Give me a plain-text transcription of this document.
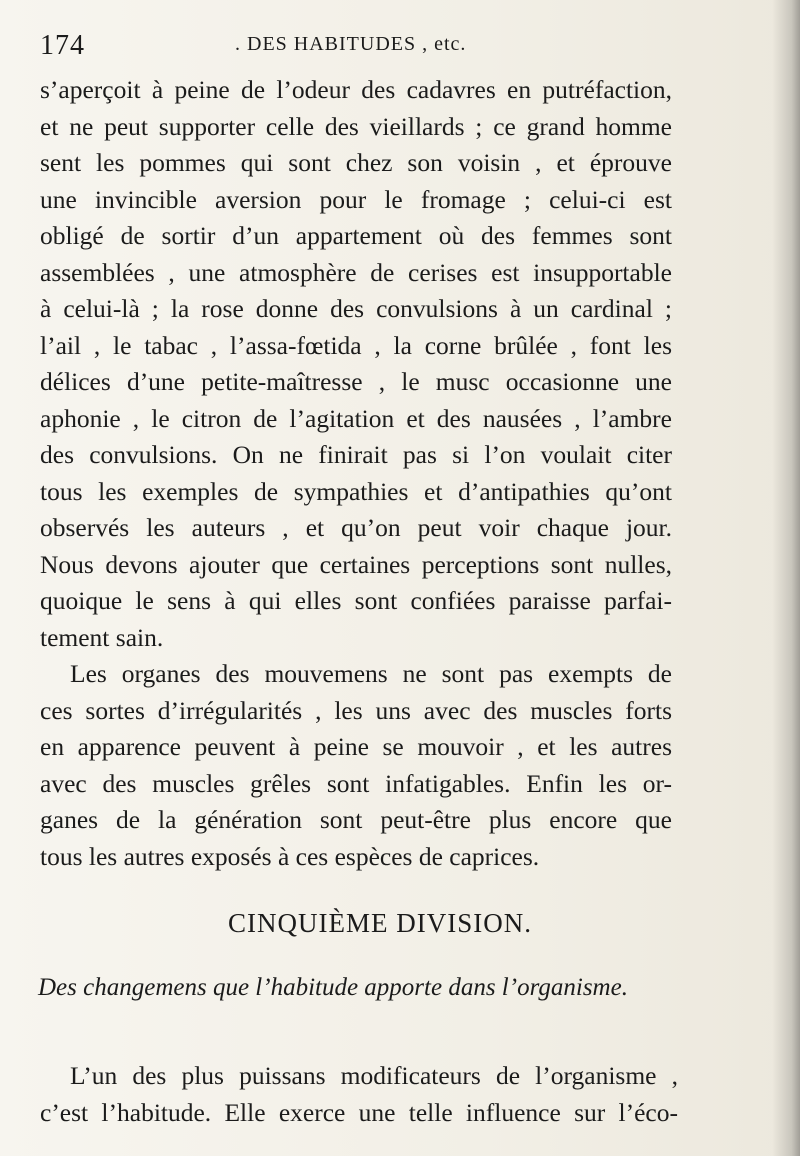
174	. DES HABITUDES , etc.
s’aperçoit à peine de l’odeur des cadavres en putréfaction,
et ne peut supporter celle des vieillards ; ce grand homme
sent les pommes qui sont chez son voisin , et éprouve
une invincible aversion pour le fromage ; celui-ci est
obligé de sortir d’un appartement où des femmes sont
assemblées , une atmosphère de cerises est insupportable
à celui-là ; la rose donne des convulsions à un cardinal ;
l’ail , le tabac , l’assa-fœtida , la corne brûlée , font les
délices d’une petite-maîtresse , le musc occasionne une
aphonie , le citron de l’agitation et des nausées , l’ambre
des convulsions. On ne finirait pas si l’on voulait citer
tous les exemples de sympathies et d’antipathies qu’ont
observés les auteurs , et qu’on peut voir chaque jour.
Nous devons ajouter que certaines perceptions sont nulles,
quoique le sens à qui elles sont confiées paraisse parfai-
tement sain.
Les organes des mouvemens ne sont pas exempts de
ces sortes d’irrégularités , les uns avec des muscles forts
en apparence peuvent à peine se mouvoir , et les autres
avec des muscles grêles sont infatigables. Enfin les or-
ganes de la génération sont peut-être plus encore que
tous les autres exposés à ces espèces de caprices.
CINQUIÈME DIVISION.
Des changemens que l’habitude apporte dans l’organisme.
L’un des plus puissans modificateurs de l’organisme ,
c’est l’habitude. Elle exerce une telle influence sur l’éco-
